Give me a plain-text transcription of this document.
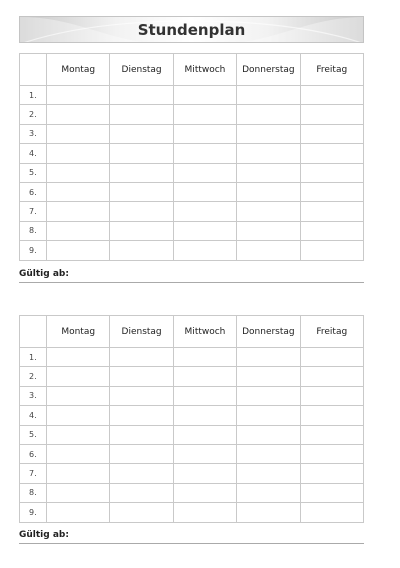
Stundenplan
	Montag	Dienstag	Mittwoch	Donnerstag	Freitag
1.					
2.					
3.					
4.					
5.					
6.					
7.					
8.					
9.					
Gültig ab:
	Montag	Dienstag	Mittwoch	Donnerstag	Freitag
1.					
2.					
3.					
4.					
5.					
6.					
7.					
8.					
9.					
Gültig ab:
